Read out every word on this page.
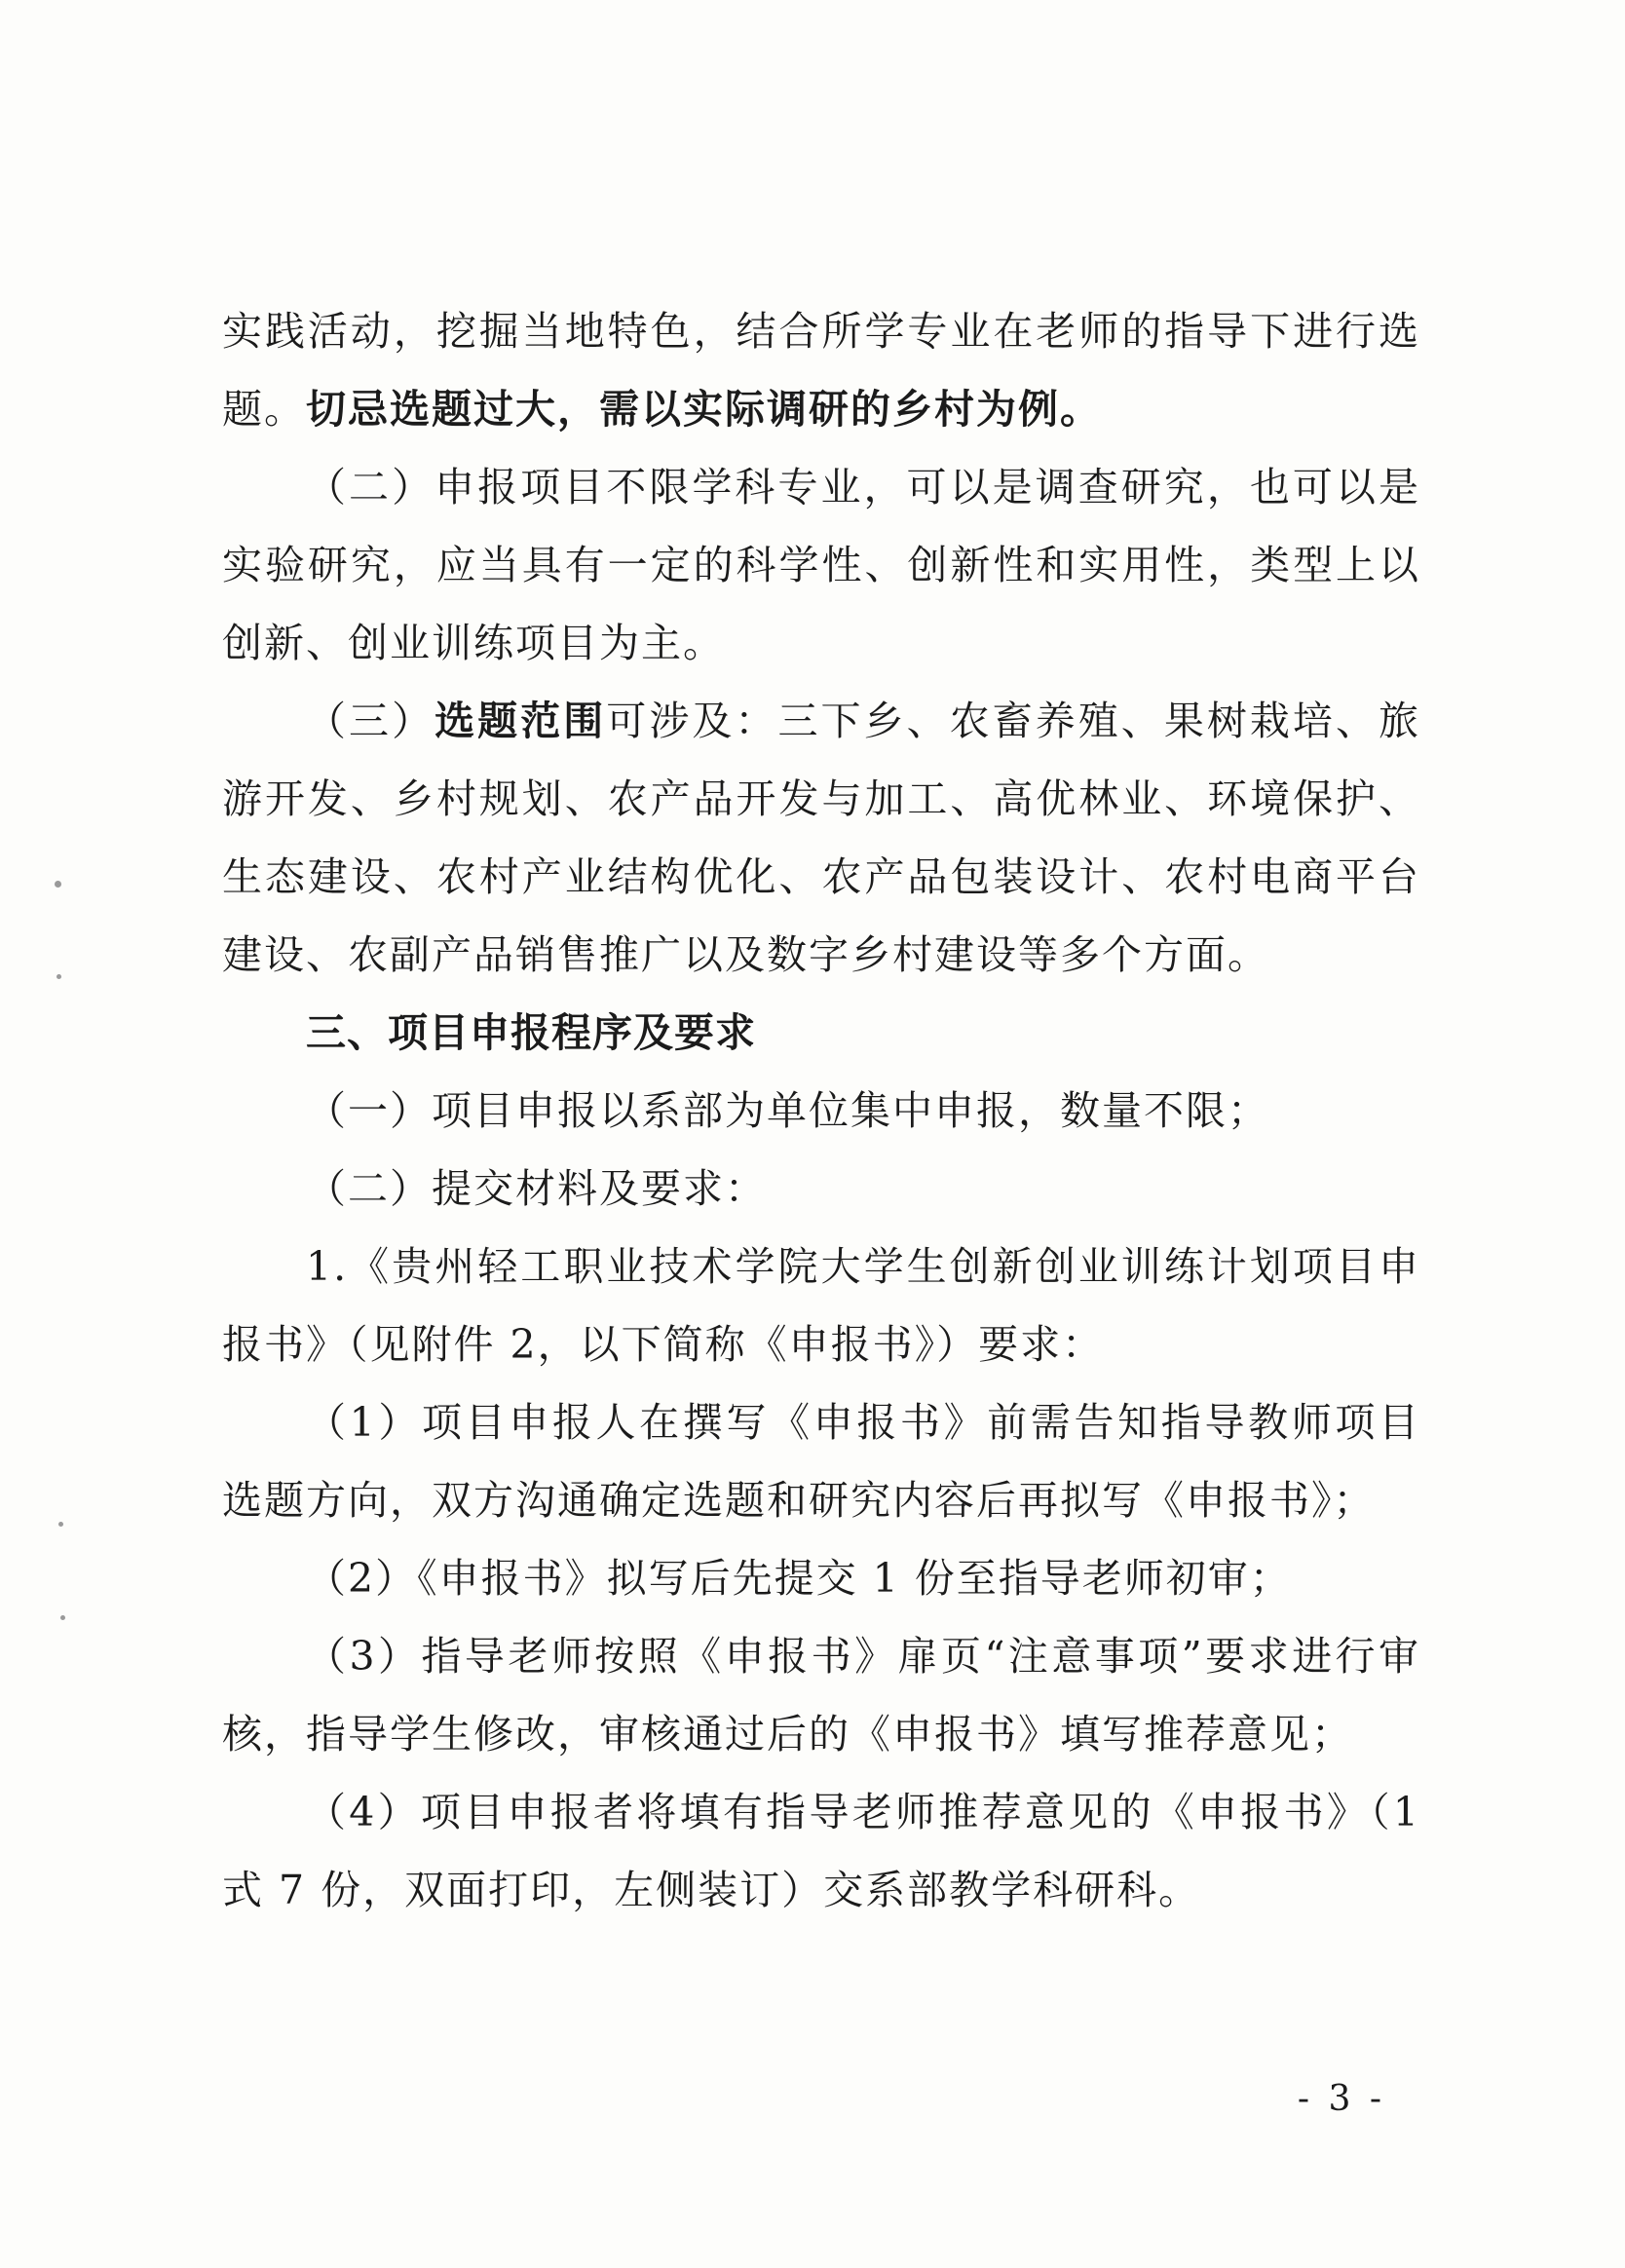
实践活动，挖掘当地特色，结合所学专业在老师的指导下进行选题。切忌选题过大，需以实际调研的乡村为例。

（二）申报项目不限学科专业，可以是调查研究，也可以是实验研究，应当具有一定的科学性、创新性和实用性，类型上以创新、创业训练项目为主。

（三）选题范围可涉及：三下乡、农畜养殖、果树栽培、旅游开发、乡村规划、农产品开发与加工、高优林业、环境保护、生态建设、农村产业结构优化、农产品包装设计、农村电商平台建设、农副产品销售推广以及数字乡村建设等多个方面。

三、项目申报程序及要求

（一）项目申报以系部为单位集中申报，数量不限；

（二）提交材料及要求：

1.《贵州轻工职业技术学院大学生创新创业训练计划项目申报书》（见附件 2，以下简称《申报书》）要求：

（1）项目申报人在撰写《申报书》前需告知指导教师项目选题方向，双方沟通确定选题和研究内容后再拟写《申报书》；

（2）《申报书》拟写后先提交 1 份至指导老师初审；

（3）指导老师按照《申报书》扉页“注意事项”要求进行审核，指导学生修改，审核通过后的《申报书》填写推荐意见；

（4）项目申报者将填有指导老师推荐意见的《申报书》（1 式 7 份，双面打印，左侧装订）交系部教学科研科。

- 3 -
